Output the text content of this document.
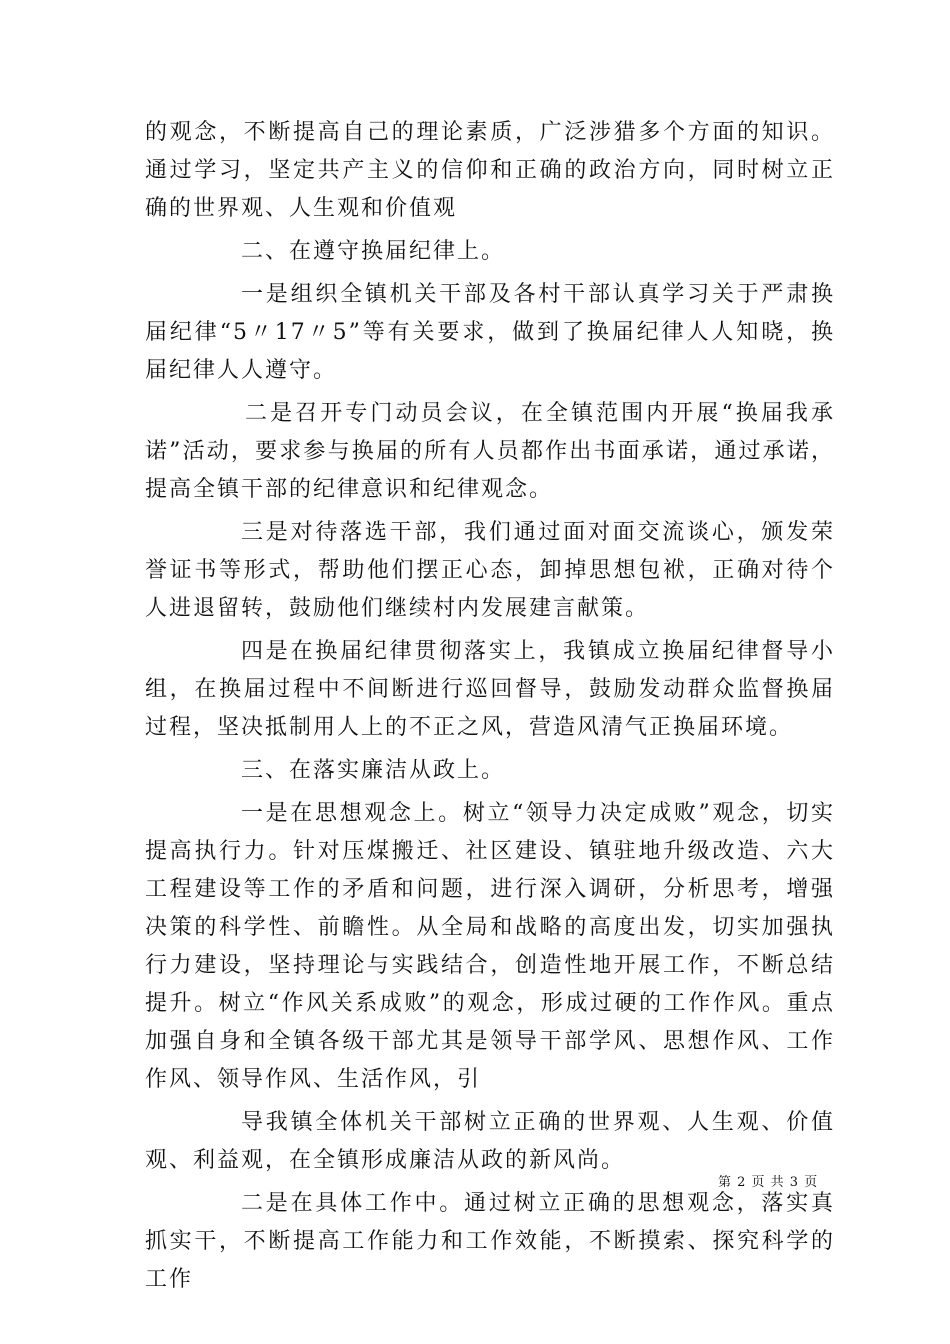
的观念，不断提高自己的理论素质，广泛涉猎多个方面的知识。通过学习，坚定共产主义的信仰和正确的政治方向，同时树立正确的世界观、人生观和价值观

二、在遵守换届纪律上。

一是组织全镇机关干部及各村干部认真学习关于严肃换届纪律“5〃17〃5”等有关要求，做到了换届纪律人人知晓，换届纪律人人遵守。

二是召开专门动员会议，在全镇范围内开展“换届我承诺”活动，要求参与换届的所有人员都作出书面承诺，通过承诺，提高全镇干部的纪律意识和纪律观念。

三是对待落选干部，我们通过面对面交流谈心，颁发荣誉证书等形式，帮助他们摆正心态，卸掉思想包袱，正确对待个人进退留转，鼓励他们继续村内发展建言献策。

四是在换届纪律贯彻落实上，我镇成立换届纪律督导小组，在换届过程中不间断进行巡回督导，鼓励发动群众监督换届过程，坚决抵制用人上的不正之风，营造风清气正换届环境。

三、在落实廉洁从政上。

一是在思想观念上。树立“领导力决定成败”观念，切实提高执行力。针对压煤搬迁、社区建设、镇驻地升级改造、六大工程建设等工作的矛盾和问题，进行深入调研，分析思考，增强决策的科学性、前瞻性。从全局和战略的高度出发，切实加强执行力建设，坚持理论与实践结合，创造性地开展工作，不断总结提升。树立“作风关系成败”的观念，形成过硬的工作作风。重点加强自身和全镇各级干部尤其是领导干部学风、思想作风、工作作风、领导作风、生活作风，引

导我镇全体机关干部树立正确的世界观、人生观、价值观、利益观，在全镇形成廉洁从政的新风尚。

二是在具体工作中。通过树立正确的思想观念，落实真抓实干，不断提高工作能力和工作效能，不断摸索、探究科学的工作

第 2 页 共 3 页
